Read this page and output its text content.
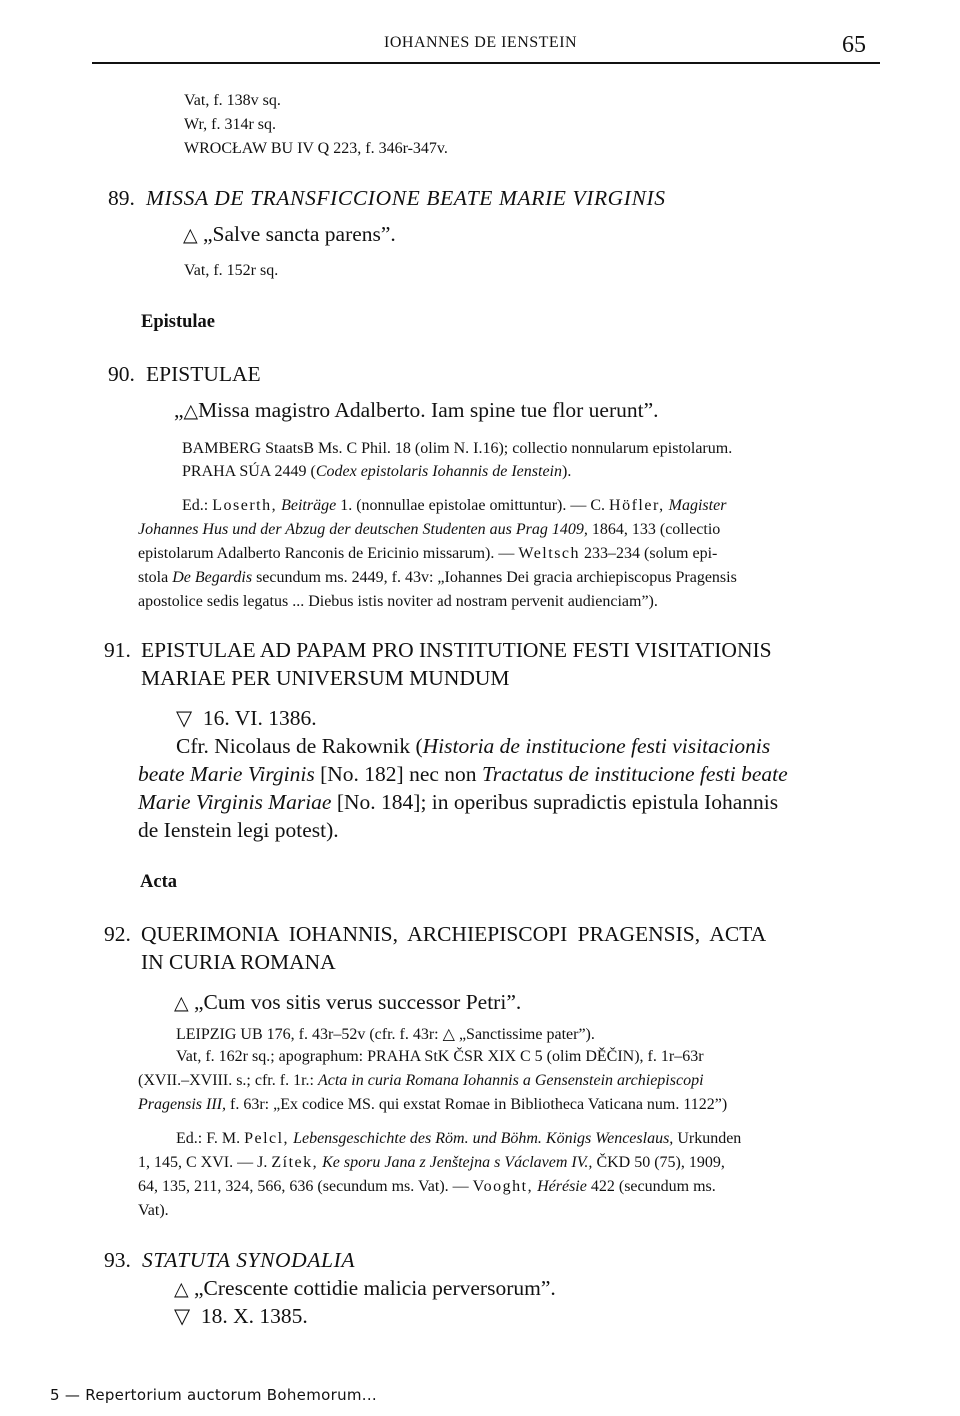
IOHANNES DE IENSTEIN	65
Vat, f. 138v sq.
Wr, f. 314r sq.
WROCŁAW BU IV Q 223, f. 346r-347v.
89. MISSA DE TRANSFICCIONE BEATE MARIE VIRGINIS
△ „Salve sancta parens”.
Vat, f. 152r sq.
Epistulae
90. EPISTULAE
„△Missa magistro Adalberto. Iam spine tue flor uerunt”.
BAMBERG StaatsB Ms. C Phil. 18 (olim N. I.16); collectio nonnularum epistolarum.
PRAHA SÚA 2449 (Codex epistolaris Iohannis de Ienstein).
Ed.: Loserth, Beiträge 1. (nonnullae epistolae omittuntur). — C. Höfler, Magister
Johannes Hus und der Abzug der deutschen Studenten aus Prag 1409, 1864, 133 (collectio
epistolarum Adalberto Ranconis de Ericinio missarum). — Weltsch 233–234 (solum epi-
stola De Begardis secundum ms. 2449, f. 43v: „Iohannes Dei gracia archiepiscopus Pragensis
apostolice sedis legatus ... Diebus istis noviter ad nostram pervenit audienciam”).
91. EPISTULAE AD PAPAM PRO INSTITUTIONE FESTI VISITATIONIS
MARIAE PER UNIVERSUM MUNDUM
▽ 16. VI. 1386.
Cfr. Nicolaus de Rakownik (Historia de institucione festi visitacionis
beate Marie Virginis [No. 182] nec non Tractatus de institucione festi beate
Marie Virginis Mariae [No. 184]; in operibus supradictis epistula Iohannis
de Ienstein legi potest).
Acta
92. QUERIMONIA IOHANNIS, ARCHIEPISCOPI PRAGENSIS, ACTA
IN CURIA ROMANA
△ „Cum vos sitis verus successor Petri”.
LEIPZIG UB 176, f. 43r–52v (cfr. f. 43r: △ „Sanctissime pater”).
Vat, f. 162r sq.; apographum: PRAHA StK ČSR XIX C 5 (olim DĚČIN), f. 1r–63r
(XVII.–XVIII. s.; cfr. f. 1r.: Acta in curia Romana Iohannis a Gensenstein archiepiscopi
Pragensis III, f. 63r: „Ex codice MS. qui exstat Romae in Bibliotheca Vaticana num. 1122”)
Ed.: F. M. Pelcl, Lebensgeschichte des Röm. und Böhm. Königs Wenceslaus, Urkunden
1, 145, C XVI. — J. Zítek, Ke sporu Jana z Jenštejna s Václavem IV., ČKD 50 (75), 1909,
64, 135, 211, 324, 566, 636 (secundum ms. Vat). — Vooght, Hérésie 422 (secundum ms.
Vat).
93. STATUTA SYNODALIA
△ „Crescente cottidie malicia perversorum”.
▽ 18. X. 1385.
5 — Repertorium auctorum Bohemorum...
